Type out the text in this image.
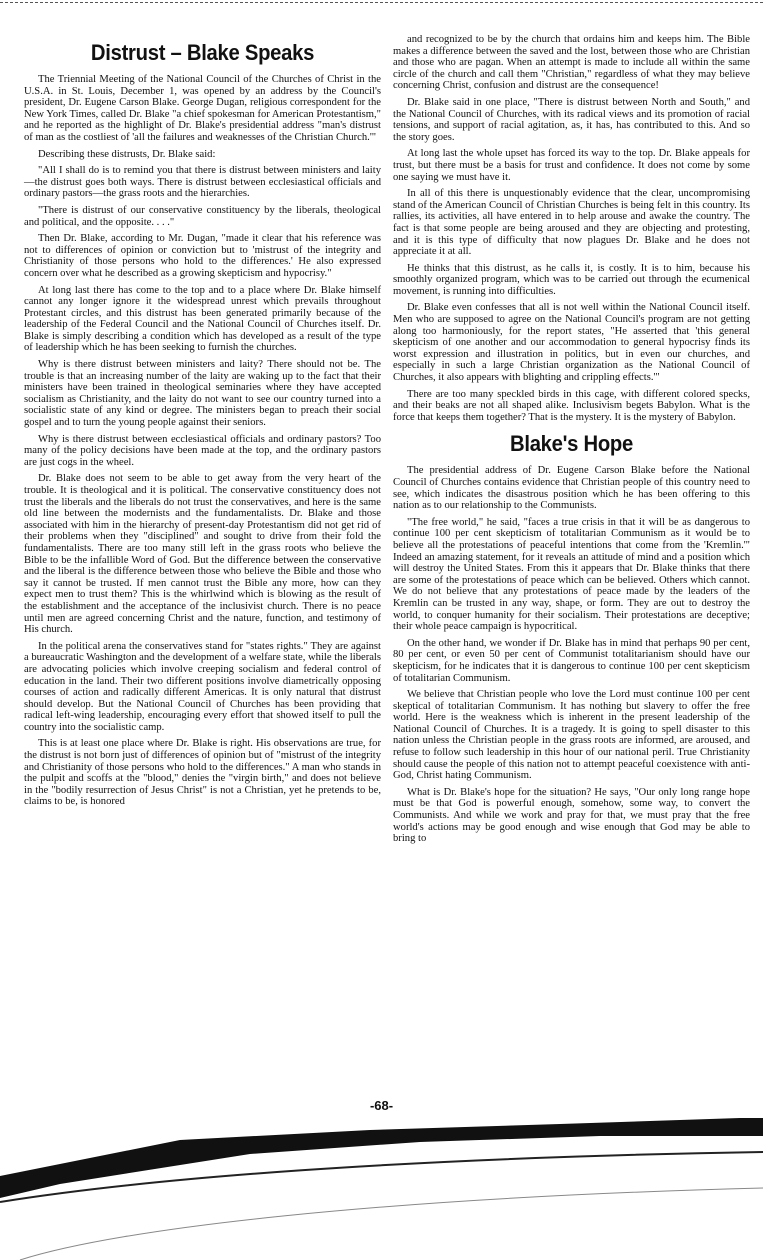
Distrust – Blake Speaks

The Triennial Meeting of the National Council of the Churches of Christ in the U.S.A. in St. Louis, December 1, was opened by an address by the Council's president, Dr. Eugene Carson Blake. George Dugan, religious correspondent for the New York Times, called Dr. Blake "a chief spokesman for American Protestantism," and he reported as the highlight of Dr. Blake's presidential address "man's distrust of man as the costliest of 'all the failures and weaknesses of the Christian Church.'"

Describing these distrusts, Dr. Blake said:

"All I shall do is to remind you that there is distrust between ministers and laity—the distrust goes both ways. There is distrust between ecclesiastical officials and ordinary pastors—the grass roots and the hierarchies.

"There is distrust of our conservative constituency by the liberals, theological and political, and the opposite. . . ."

Then Dr. Blake, according to Mr. Dugan, "made it clear that his reference was not to differences of opinion or conviction but to 'mistrust of the integrity and Christianity of those persons who hold to the differences.' He also expressed concern over what he described as a growing skepticism and hypocrisy."

At long last there has come to the top and to a place where Dr. Blake himself cannot any longer ignore it the widespread unrest which prevails throughout Protestant circles, and this distrust has been generated primarily because of the leadership of the Federal Council and the National Council of Churches itself. Dr. Blake is simply describing a condition which has developed as a result of the type of leadership which he has been seeking to furnish the churches.

Why is there distrust between ministers and laity? There should not be. The trouble is that an increasing number of the laity are waking up to the fact that their ministers have been trained in theological seminaries where they have accepted socialism as Christianity, and the laity do not want to see our country turned into a socialistic state of any kind or degree. The ministers began to preach their social gospel and to turn the young people against their seniors.

Why is there distrust between ecclesiastical officials and ordinary pastors? Too many of the policy decisions have been made at the top, and the ordinary pastors are just cogs in the wheel.

Dr. Blake does not seem to be able to get away from the very heart of the trouble. It is theological and it is political. The conservative constituency does not trust the liberals and the liberals do not trust the conservatives, and here is the same old line between the modernists and the fundamentalists. Dr. Blake and those associated with him in the hierarchy of present-day Protestantism did not get rid of their problems when they "disciplined" and sought to drive from their fold the fundamentalists. There are too many still left in the grass roots who believe the Bible to be the infallible Word of God. But the difference between the conservative and the liberal is the difference between those who believe the Bible and those who say it cannot be trusted. If men cannot trust the Bible any more, how can they expect men to trust them? This is the whirlwind which is blowing as the result of the establishment and the acceptance of the inclusivist church. There is no peace until men are agreed concerning Christ and the nature, function, and testimony of His church.

In the political arena the conservatives stand for "states rights." They are against a bureaucratic Washington and the development of a welfare state, while the liberals are advocating policies which involve creeping socialism and federal control of education in the land. Their two different positions involve diametrically opposing courses of action and radically different Americas. It is only natural that distrust should develop. But the National Council of Churches has been providing that radical left-wing leadership, encouraging every effort that showed itself to pull the country into the socialistic camp.

This is at least one place where Dr. Blake is right. His observations are true, for the distrust is not born just of differences of opinion but of "mistrust of the integrity and Christianity of those persons who hold to the differences." A man who stands in the pulpit and scoffs at the "blood," denies the "virgin birth," and does not believe in the "bodily resurrection of Jesus Christ" is not a Christian, yet he pretends to be, claims to be, is honored

and recognized to be by the church that ordains him and keeps him. The Bible makes a difference between the saved and the lost, between those who are Christian and those who are pagan. When an attempt is made to include all within the same circle of the church and call them "Christian," regardless of what they may believe concerning Christ, confusion and distrust are the consequence!

Dr. Blake said in one place, "There is distrust between North and South," and the National Council of Churches, with its radical views and its promotion of racial tensions, and support of racial agitation, as, it has, has contributed to this. And so the story goes.

At long last the whole upset has forced its way to the top. Dr. Blake appeals for trust, but there must be a basis for trust and confidence. It does not come by some one saying we must have it.

In all of this there is unquestionably evidence that the clear, uncompromising stand of the American Council of Christian Churches is being felt in this country. Its rallies, its activities, all have entered in to help arouse and awake the country. The fact is that some people are being aroused and they are objecting and protesting, and it is this type of difficulty that now plagues Dr. Blake and he does not appreciate it at all.

He thinks that this distrust, as he calls it, is costly. It is to him, because his smoothly organized program, which was to be carried out through the ecumenical movement, is running into difficulties.

Dr. Blake even confesses that all is not well within the National Council itself. Men who are supposed to agree on the National Council's program are not getting along too harmoniously, for the report states, "He asserted that 'this general skepticism of one another and our accommodation to general hypocrisy finds its worst expression and illustration in politics, but in even our churches, and especially in such a large Christian organization as the National Council of Churches, it also appears with blighting and crippling effects.'"

There are too many speckled birds in this cage, with different colored specks, and their beaks are not all shaped alike. Inclusivism begets Babylon. What is the force that keeps them together? That is the mystery. It is the mystery of Babylon.

Blake's Hope

The presidential address of Dr. Eugene Carson Blake before the National Council of Churches contains evidence that Christian people of this country need to see, which indicates the disastrous position which he has been offering to this nation as to our relationship to the Communists.

"The free world," he said, "faces a true crisis in that it will be as dangerous to continue 100 per cent skepticism of totalitarian Communism as it would be to believe all the protestations of peaceful intentions that come from the 'Kremlin.'" Indeed an amazing statement, for it reveals an attitude of mind and a position which will destroy the United States. From this it appears that Dr. Blake thinks that there are some of the protestations of peace which can be believed. Others which cannot. We do not believe that any protestations of peace made by the leaders of the Kremlin can be trusted in any way, shape, or form. They are out to destroy the world, to conquer humanity for their socialism. Their protestations are deceptive; their whole peace campaign is hypocritical.

On the other hand, we wonder if Dr. Blake has in mind that perhaps 90 per cent, 80 per cent, or even 50 per cent of Communist totalitarianism should have our skepticism, for he indicates that it is dangerous to continue 100 per cent skepticism of totalitarian Communism.

We believe that Christian people who love the Lord must continue 100 per cent skeptical of totalitarian Communism. It has nothing but slavery to offer the free world. Here is the weakness which is inherent in the present leadership of the National Council of Churches. It is a tragedy. It is going to spell disaster to this nation unless the Christian people in the grass roots are informed, are aroused, and refuse to follow such leadership in this hour of our national peril. True Christianity should cause the people of this nation not to attempt peaceful coexistence with anti-God, Christ hating Communism.

What is Dr. Blake's hope for the situation? He says, "Our only long range hope must be that God is powerful enough, somehow, some way, to convert the Communists. And while we work and pray for that, we must pray that the free world's actions may be good enough and wise enough that God may be able to bring to

-68-
